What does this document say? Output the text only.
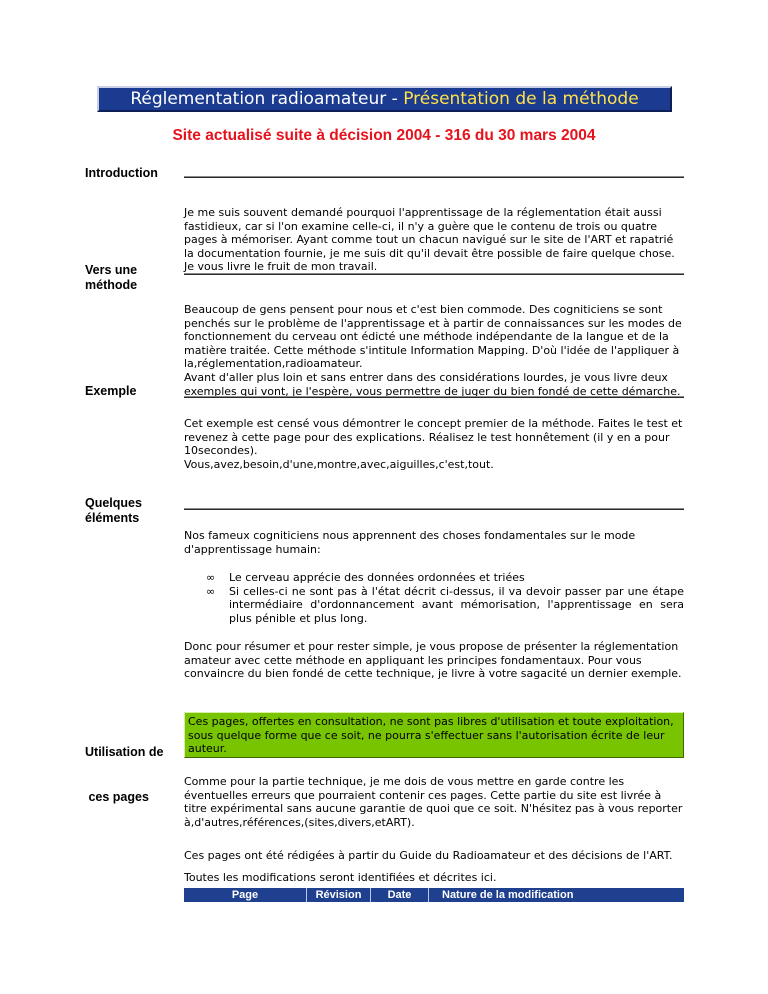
Réglementation radioamateur - Présentation de la méthode
Site actualisé suite à décision 2004 - 316 du 30 mars 2004
Introduction
Je me suis souvent demandé pourquoi l'apprentissage de la réglementation était aussi
fastidieux, car si l'on examine celle-ci, il n'y a guère que le contenu de trois ou quatre
pages à mémoriser. Ayant comme tout un chacun navigué sur le site de l'ART et rapatrié
la documentation fournie, je me suis dit qu'il devait être possible de faire quelque chose.
Je vous livre le fruit de mon travail.
Vers une
méthode
Beaucoup de gens pensent pour nous et c'est bien commode. Des cogniticiens se sont
penchés sur le problème de l'apprentissage et à partir de connaissances sur les modes de
fonctionnement du cerveau ont édicté une méthode indépendante de la langue et de la
matière traitée. Cette méthode s'intitule Information Mapping. D'où l'idée de l'appliquer à
la,réglementation,radioamateur.
Avant d'aller plus loin et sans entrer dans des considérations lourdes, je vous livre deux
exemples qui vont, je l'espère, vous permettre de juger du bien fondé de cette démarche.
Exemple
Cet exemple est censé vous démontrer le concept premier de la méthode. Faites le test et
revenez à cette page pour des explications. Réalisez le test honnêtement (il y en a pour
10secondes).
Vous,avez,besoin,d'une,montre,avec,aiguilles,c'est,tout.
Quelques
éléments
Nos fameux cogniticiens nous apprennent des choses fondamentales sur le mode
d'apprentissage humain:
∞ Le cerveau apprécie des données ordonnées et triées
∞ Si celles-ci ne sont pas à l'état décrit ci-dessus, il va devoir passer par une étape intermédiaire d'ordonnancement avant mémorisation, l'apprentissage en sera plus pénible et plus long.
Donc pour résumer et pour rester simple, je vous propose de présenter la réglementation
amateur avec cette méthode en appliquant les principes fondamentaux. Pour vous
convaincre du bien fondé de cette technique, je livre à votre sagacité un dernier exemple.

Utilisation de

ces pages

Ces pages, offertes en consultation, ne sont pas libres d'utilisation et toute exploitation,
sous quelque forme que ce soit, ne pourra s'effectuer sans l'autorisation écrite de leur
auteur.
Comme pour la partie technique, je me dois de vous mettre en garde contre les
éventuelles erreurs que pourraient contenir ces pages. Cette partie du site est livrée à
titre expérimental sans aucune garantie de quoi que ce soit. N'hésitez pas à vous reporter
à,d'autres,références,(sites,divers,etART).
Ces pages ont été rédigées à partir du Guide du Radioamateur et des décisions de l'ART.
Toutes les modifications seront identifiées et décrites ici.
Page	Révision	Date	Nature de la modification
